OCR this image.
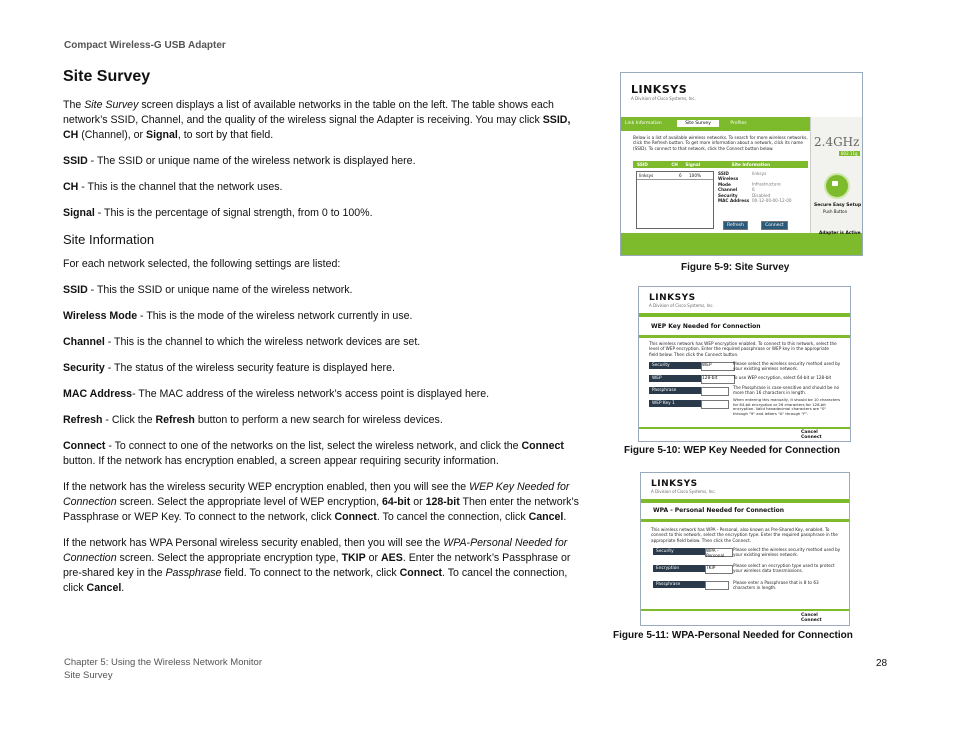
Compact Wireless-G USB Adapter
Site Survey

The Site Survey screen displays a list of available networks in the table on the left. The table shows each network’s SSID, Channel, and the quality of the wireless signal the Adapter is receiving. You may click SSID, CH (Channel), or Signal, to sort by that field.

SSID - The SSID or unique name of the wireless network is displayed here.

CH - This is the channel that the network uses.

Signal - This is the percentage of signal strength, from 0 to 100%.

Site Information

For each network selected, the following settings are listed:

SSID - This the SSID or unique name of the wireless network.

Wireless Mode - This is the mode of the wireless network currently in use.

Channel - This is the channel to which the wireless network devices are set.

Security - The status of the wireless security feature is displayed here.

MAC Address- The MAC address of the wireless network’s access point is displayed here.

Refresh - Click the Refresh button to perform a new search for wireless devices.

Connect - To connect to one of the networks on the list, select the wireless network, and click the Connect button. If the network has encryption enabled, a screen appear requiring security information.

If the network has the wireless security WEP encryption enabled, then you will see the WEP Key Needed for Connection screen. Select the appropriate level of WEP encryption, 64-bit or 128-bit Then enter the network’s Passphrase or WEP Key. To connect to the network, click Connect. To cancel the connection, click Cancel.

If the network has WPA Personal wireless security enabled, then you will see the WPA-Personal Needed for Connection screen. Select the appropriate encryption type, TKIP or AES. Enter the network’s Passphrase or pre-shared key in the Passphrase field. To connect to the network, click Connect. To cancel the connection, click Cancel.

LINKSYS
A Division of Cisco Systems, Inc.
Link Information	Site Survey	Profiles
Below is a list of available wireless networks. To search for more wireless networks, click the Refresh button. To get more information about a network, click its name (SSID). To connect to that network, click the Connect button below.
SSID	CH Signal	Site Information
linksys	6	100%	SSID	linksys
Wireless Mode	Infrastructure
Channel	6
Security	Disabled
MAC Address 00-12-00-00-12-00
Refresh	Connect
2.4GHz
802.11g
Secure Easy Setup
Push Button
Adapter is Active
Figure 5-9: Site Survey
LINKSYS
A Division of Cisco Systems, Inc.
WEP Key Needed for Connection
This wireless network has WEP encryption enabled. To connect to this network, select the level of WEP encryption. Enter the required passphrase or WEP key in the appropriate field below. Then click the Connect button.
Security	WEP	Please select the wireless security method used by your existing wireless network.
WEP	128-bit	To use WEP encryption, select 64-bit or 128-bit
Passphrase
The Passphrase is case-sensitive and should be no more than 16 characters in length.
WEP Key 1
When entering this manually, it should be 10 characters for 64-bit encryption or 26 characters for 128-bit encryption. Valid hexadecimal characters are "0" through "9" and letters "A" through "F".
Cancel Connect
Figure 5-10: WEP Key Needed for Connection
LINKSYS
A Division of Cisco Systems, Inc.
WPA - Personal Needed for Connection
This wireless network has WPA - Personal, also known as Pre-Shared Key, enabled. To connect to this network, select the encryption type. Enter the required passphrase in the appropriate field below. Then click the Connect.
Security	WPA - Personal
Please select the wireless security method used by your existing wireless network.
Encryption	TKIP
Please select an encryption type used to protect your wireless data transmissions.
Passphrase	Please enter a Passphrase that is 8 to 63 characters in length.
Cancel Connect
Figure 5-11: WPA-Personal Needed for Connection
Chapter 5: Using the Wireless Network Monitor
Site Survey
28
